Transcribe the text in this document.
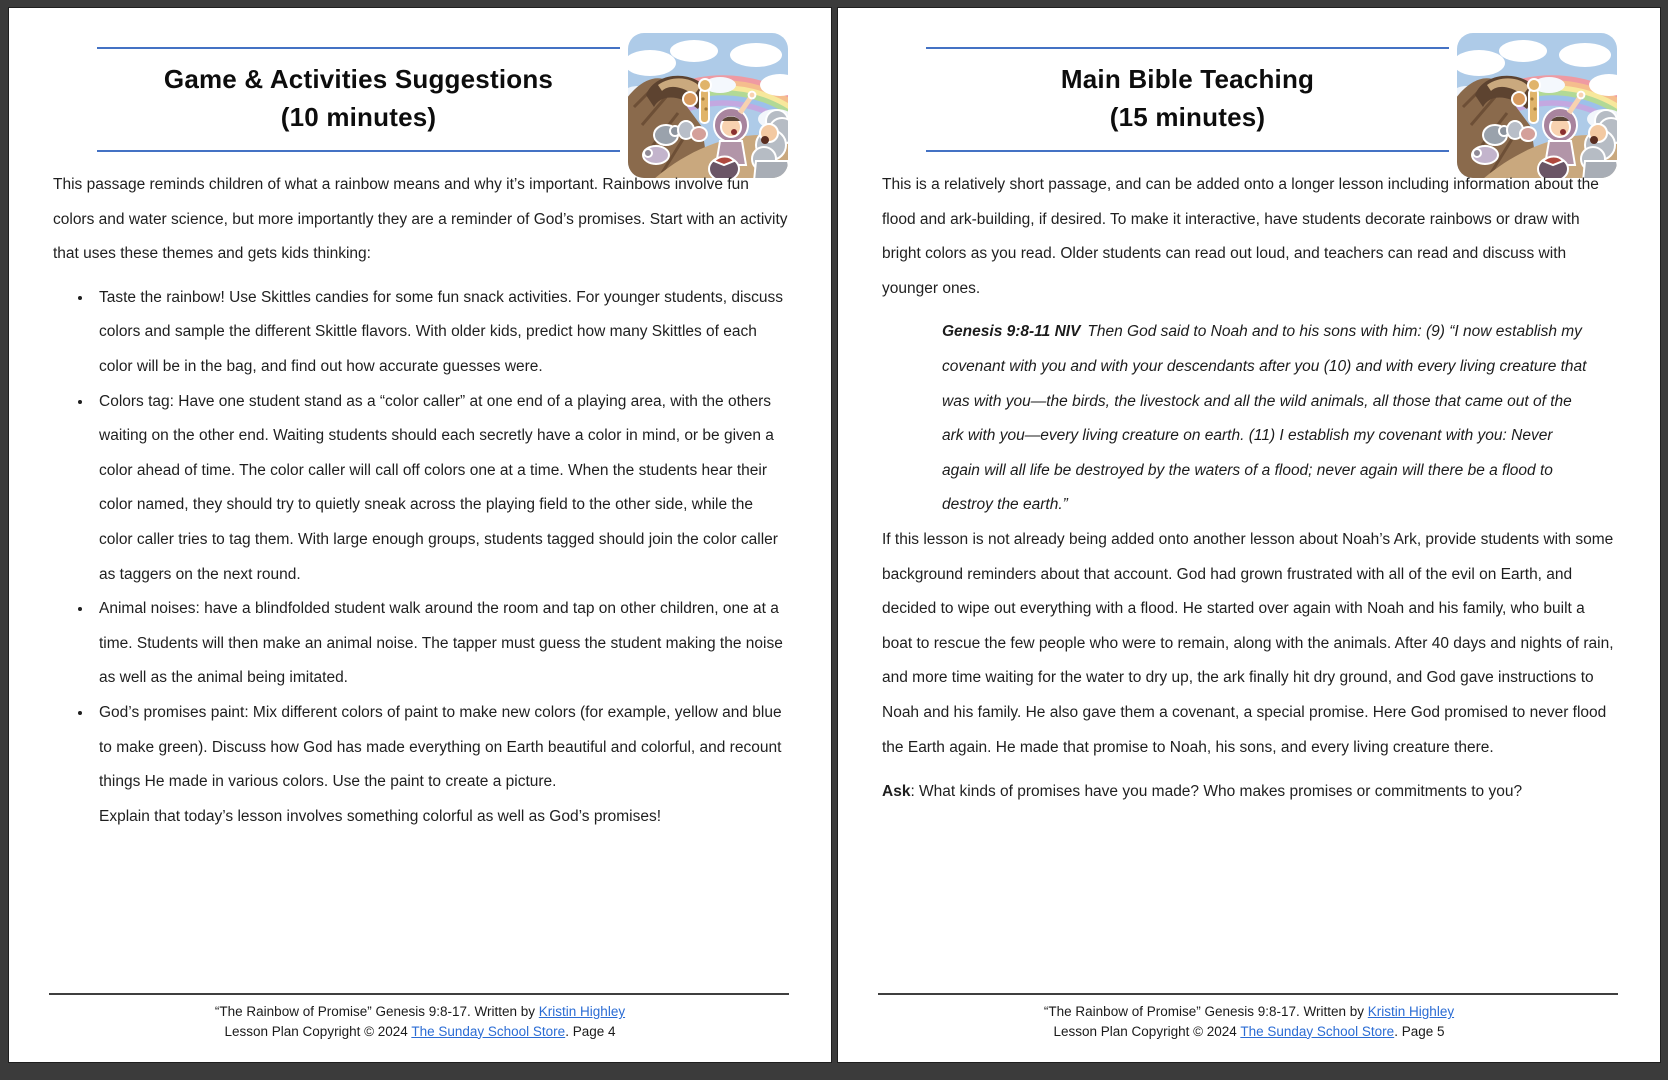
Game & Activities Suggestions
(10 minutes)

This passage reminds children of what a rainbow means and why it’s important. Rainbows involve fun colors and water science, but more importantly they are a reminder of God’s promises. Start with an activity that uses these themes and gets kids thinking:

• Taste the rainbow! Use Skittles candies for some fun snack activities. For younger students, discuss colors and sample the different Skittle flavors. With older kids, predict how many Skittles of each color will be in the bag, and find out how accurate guesses were.
• Colors tag: Have one student stand as a “color caller” at one end of a playing area, with the others waiting on the other end. Waiting students should each secretly have a color in mind, or be given a color ahead of time. The color caller will call off colors one at a time. When the students hear their color named, they should try to quietly sneak across the playing field to the other side, while the color caller tries to tag them. With large enough groups, students tagged should join the color caller as taggers on the next round.
• Animal noises: have a blindfolded student walk around the room and tap on other children, one at a time. Students will then make an animal noise. The tapper must guess the student making the noise as well as the animal being imitated.
• God’s promises paint: Mix different colors of paint to make new colors (for example, yellow and blue to make green). Discuss how God has made everything on Earth beautiful and colorful, and recount things He made in various colors. Use the paint to create a picture.

Explain that today’s lesson involves something colorful as well as God’s promises!

“The Rainbow of Promise” Genesis 9:8-17. Written by Kristin Highley

Lesson Plan Copyright © 2024 The Sunday School Store. Page 4

Main Bible Teaching
(15 minutes)

This is a relatively short passage, and can be added onto a longer lesson including information about the flood and ark-building, if desired. To make it interactive, have students decorate rainbows or draw with bright colors as you read. Older students can read out loud, and teachers can read and discuss with younger ones.

Genesis 9:8-11 NIV Then God said to Noah and to his sons with him: (9) “I now establish my covenant with you and with your descendants after you (10) and with every living creature that was with you—the birds, the livestock and all the wild animals, all those that came out of the ark with you—every living creature on earth. (11) I establish my covenant with you: Never again will all life be destroyed by the waters of a flood; never again will there be a flood to destroy the earth.”

If this lesson is not already being added onto another lesson about Noah’s Ark, provide students with some background reminders about that account. God had grown frustrated with all of the evil on Earth, and decided to wipe out everything with a flood. He started over again with Noah and his family, who built a boat to rescue the few people who were to remain, along with the animals. After 40 days and nights of rain, and more time waiting for the water to dry up, the ark finally hit dry ground, and God gave instructions to Noah and his family. He also gave them a covenant, a special promise. Here God promised to never flood the Earth again. He made that promise to Noah, his sons, and every living creature there.

Ask: What kinds of promises have you made? Who makes promises or commitments to you?

“The Rainbow of Promise” Genesis 9:8-17. Written by Kristin Highley

Lesson Plan Copyright © 2024 The Sunday School Store. Page 5
